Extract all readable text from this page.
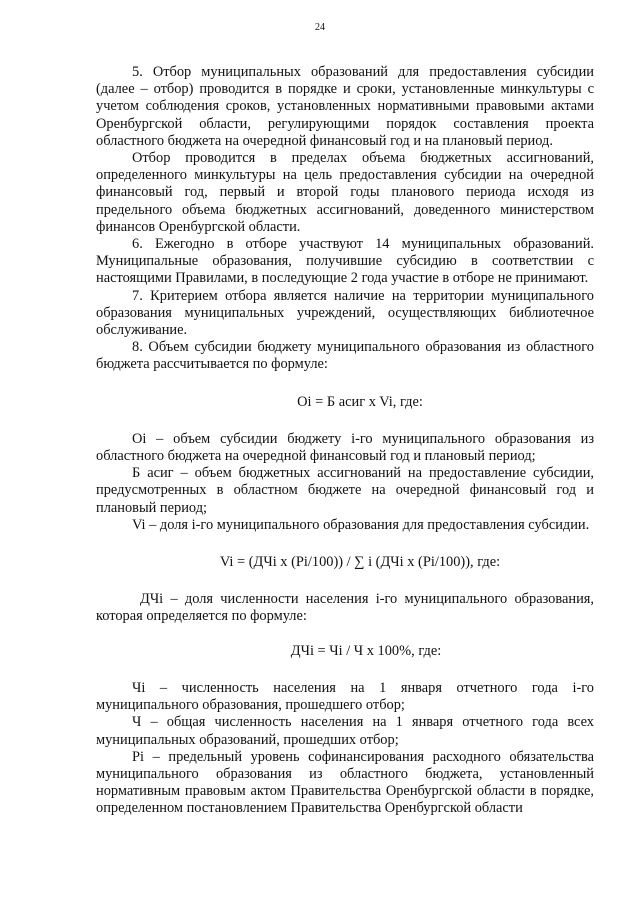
24

5. Отбор муниципальных образований для предоставления субсидии (далее – отбор) проводится в порядке и сроки, установленные минкультуры с учетом соблюдения сроков, установленных нормативными правовыми актами Оренбургской области, регулирующими порядок составления проекта областного бюджета на очередной финансовый год и на плановый период.

Отбор проводится в пределах объема бюджетных ассигнований, определенного минкультуры на цель предоставления субсидии на очередной финансовый год, первый и второй годы планового периода исходя из предельного объема бюджетных ассигнований, доведенного министерством финансов Оренбургской области.

6. Ежегодно в отборе участвуют 14 муниципальных образований. Муниципальные образования, получившие субсидию в соответствии с настоящими Правилами, в последующие 2 года участие в отборе не принимают.

7. Критерием отбора является наличие на территории муниципального образования муниципальных учреждений, осуществляющих библиотечное обслуживание.

8. Объем субсидии бюджету муниципального образования из областного бюджета рассчитывается по формуле:

Oi = Б асиг x Vi, где:

Oi – объем субсидии бюджету i-го муниципального образования из областного бюджета на очередной финансовый год и плановый период;

Б асиг – объем бюджетных ассигнований на предоставление субсидии, предусмотренных в областном бюджете на очередной финансовый год и плановый период;

Vi – доля i-го муниципального образования для предоставления субсидии.

Vi = (ДЧi x (Pi/100)) / ∑ i (ДЧi x (Pi/100)), где:

ДЧi – доля численности населения i-го муниципального образования, которая определяется по формуле:

ДЧi = Чi / Ч x 100%, где:

Чi – численность населения на 1 января отчетного года i-го муниципального образования, прошедшего отбор;

Ч – общая численность населения на 1 января отчетного года всех муниципальных образований, прошедших отбор;

Pi – предельный уровень софинансирования расходного обязательства муниципального образования из областного бюджета, установленный нормативным правовым актом Правительства Оренбургской области в порядке, определенном постановлением Правительства Оренбургской области
